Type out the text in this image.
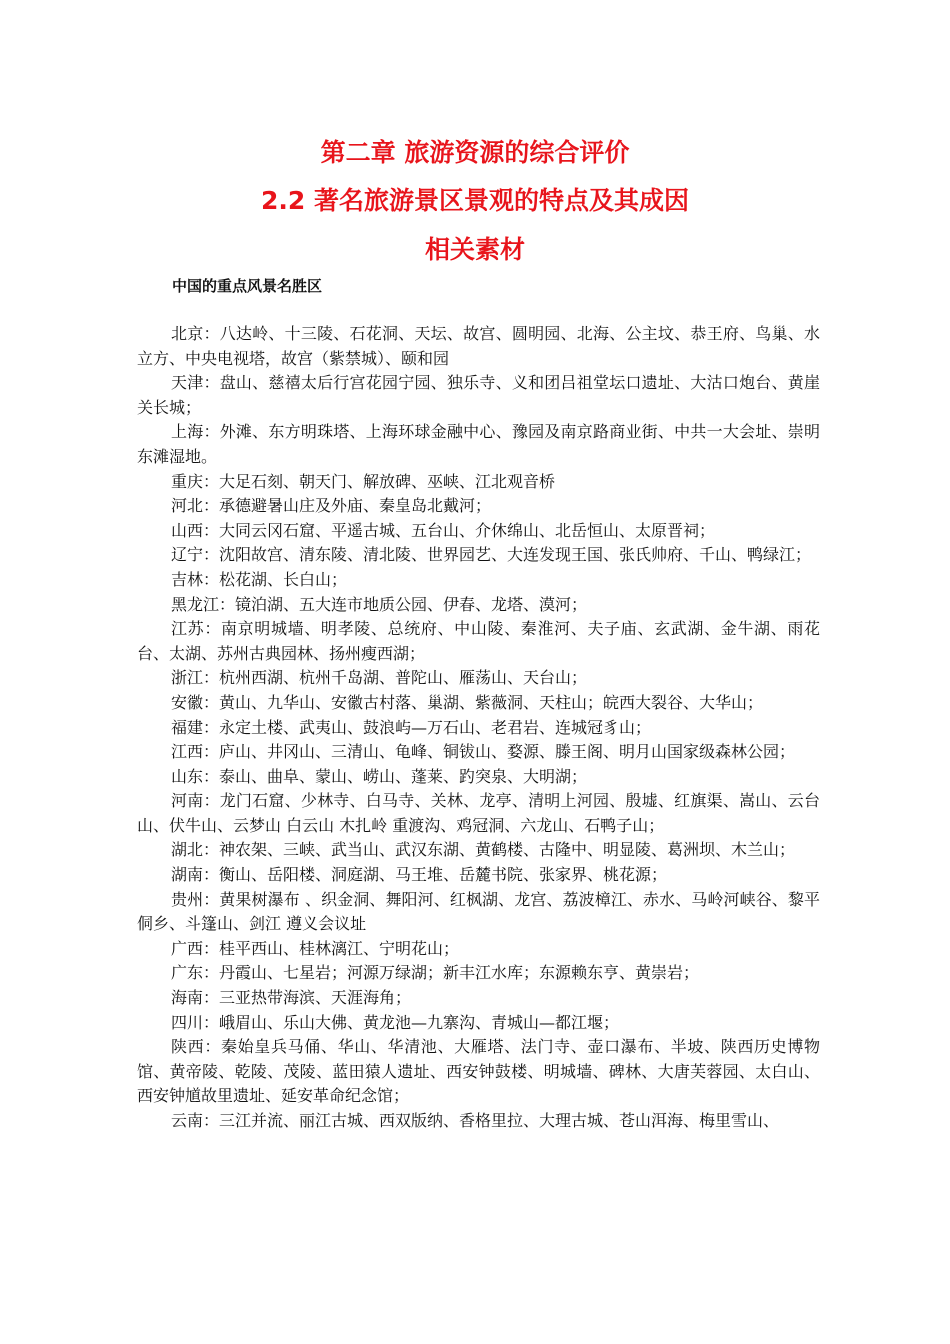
第二章 旅游资源的综合评价
2.2 著名旅游景区景观的特点及其成因
相关素材

中国的重点风景名胜区

北京：八达岭、十三陵、石花洞、天坛、故宫、圆明园、北海、公主坟、恭王府、鸟巢、水立方、中央电视塔，故宫（紫禁城）、颐和园

天津：盘山、慈禧太后行宫花园宁园、独乐寺、义和团吕祖堂坛口遗址、大沽口炮台、黄崖关长城；

上海：外滩、东方明珠塔、上海环球金融中心、豫园及南京路商业街、中共一大会址、崇明东滩湿地。

重庆：大足石刻、朝天门、解放碑、巫峡、江北观音桥

河北：承德避暑山庄及外庙、秦皇岛北戴河；

山西：大同云冈石窟、平遥古城、五台山、介休绵山、北岳恒山、太原晋祠；

辽宁：沈阳故宫、清东陵、清北陵、世界园艺、大连发现王国、张氏帅府、千山、鸭绿江；

吉林：松花湖、长白山；

黑龙江：镜泊湖、五大连市地质公园、伊春、龙塔、漠河；

江苏：南京明城墙、明孝陵、总统府、中山陵、秦淮河、夫子庙、玄武湖、金牛湖、雨花台、太湖、苏州古典园林、扬州瘦西湖；

浙江：杭州西湖、杭州千岛湖、普陀山、雁荡山、天台山；

安徽：黄山、九华山、安徽古村落、巢湖、紫薇洞、天柱山；皖西大裂谷、大华山；

福建：永定土楼、武夷山、鼓浪屿—万石山、老君岩、连城冠豸山；

江西：庐山、井冈山、三清山、龟峰、铜钹山、婺源、滕王阁、明月山国家级森林公园；

山东：泰山、曲阜、蒙山、崂山、蓬莱、趵突泉、大明湖；

河南：龙门石窟、少林寺、白马寺、关林、龙亭、清明上河园、殷墟、红旗渠、嵩山、云台山、伏牛山、云梦山 白云山 木扎岭 重渡沟、鸡冠洞、六龙山、石鸭子山；

湖北：神农架、三峡、武当山、武汉东湖、黄鹤楼、古隆中、明显陵、葛洲坝、木兰山；

湖南：衡山、岳阳楼、洞庭湖、马王堆、岳麓书院、张家界、桃花源；

贵州：黄果树瀑布 、织金洞、舞阳河、红枫湖、龙宫、荔波樟江、赤水、马岭河峡谷、黎平侗乡、斗篷山、剑江 遵义会议址

广西：桂平西山、桂林漓江、宁明花山；

广东：丹霞山、七星岩；河源万绿湖；新丰江水库；东源赖东亨、黄崇岩；

海南：三亚热带海滨、天涯海角；

四川：峨眉山、乐山大佛、黄龙池—九寨沟、青城山—都江堰；

陕西：秦始皇兵马俑、华山、华清池、大雁塔、法门寺、壶口瀑布、半坡、陕西历史博物馆、黄帝陵、乾陵、茂陵、蓝田猿人遗址、西安钟鼓楼、明城墙、碑林、大唐芙蓉园、太白山、西安钟馗故里遗址、延安革命纪念馆；

云南：三江并流、丽江古城、西双版纳、香格里拉、大理古城、苍山洱海、梅里雪山、
